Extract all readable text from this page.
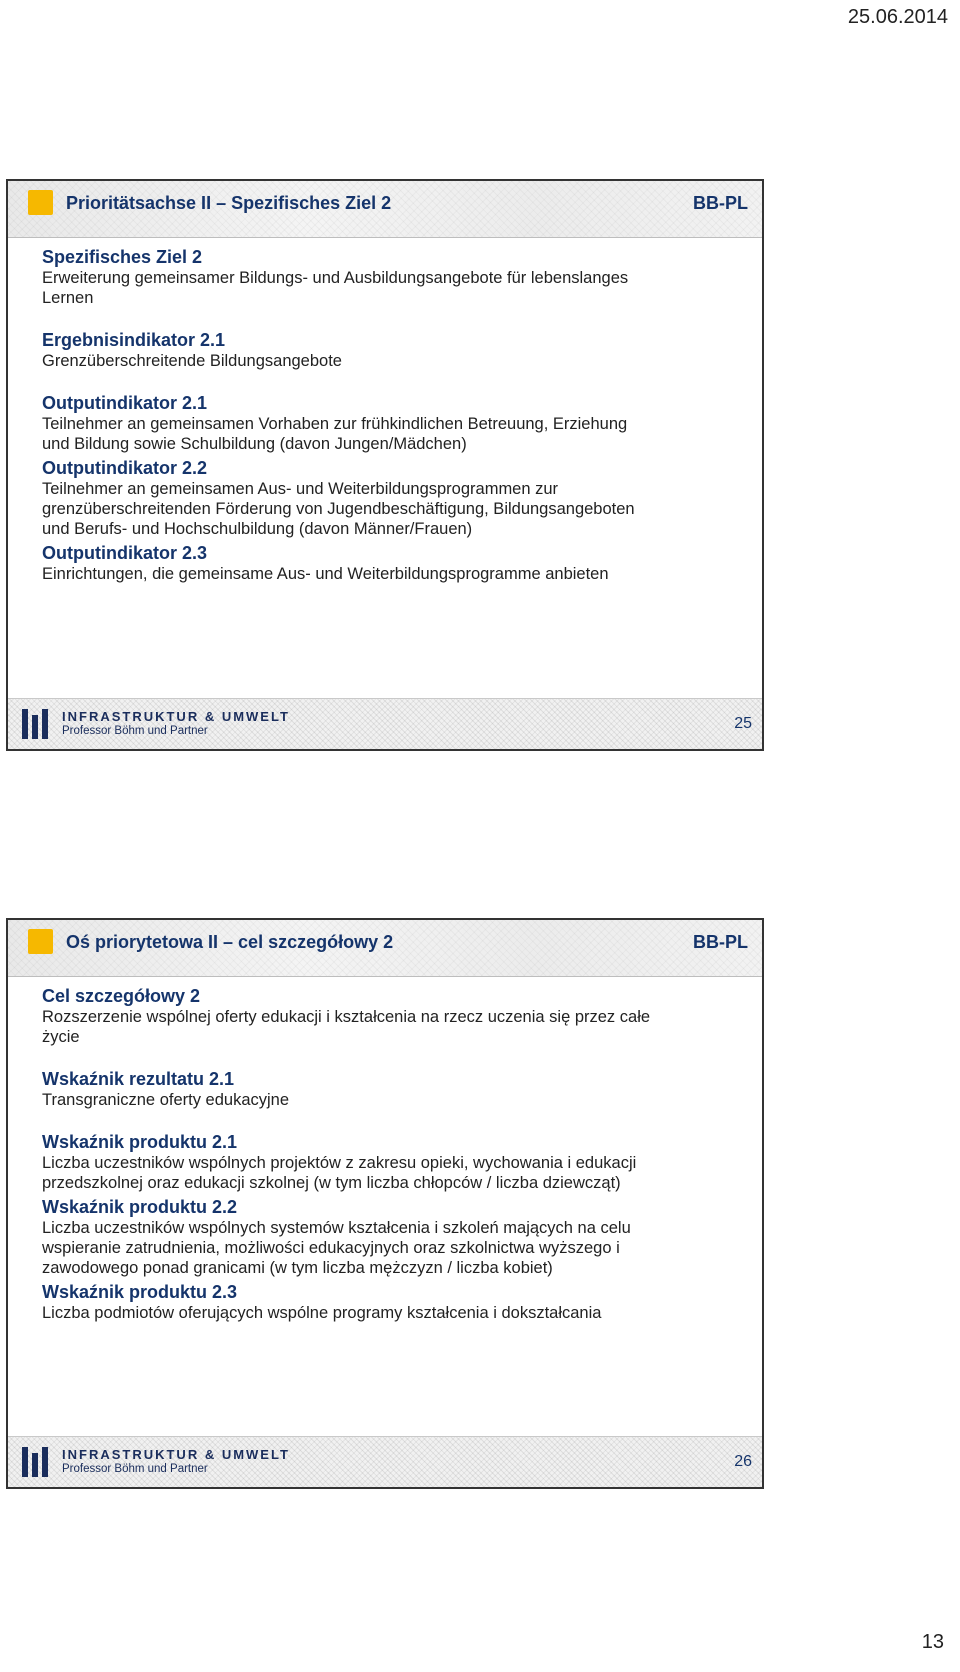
25.06.2014
Prioritätsachse II – Spezifisches Ziel 2	BB-PL

Spezifisches Ziel 2

Erweiterung gemeinsamer Bildungs- und Ausbildungsangebote für lebenslanges

Lernen

Ergebnisindikator 2.1

Grenzüberschreitende Bildungsangebote

Outputindikator 2.1

Teilnehmer an gemeinsamen Vorhaben zur frühkindlichen Betreuung, Erziehung

und Bildung sowie Schulbildung (davon Jungen/Mädchen)

Outputindikator 2.2

Teilnehmer an gemeinsamen Aus- und Weiterbildungsprogrammen zur

grenzüberschreitenden Förderung von Jugendbeschäftigung, Bildungsangeboten

und Berufs- und Hochschulbildung (davon Männer/Frauen)

Outputindikator 2.3

Einrichtungen, die gemeinsame Aus- und Weiterbildungsprogramme anbieten

INFRASTRUKTUR & UMWELT
Professor Böhm und Partner	25
Oś priorytetowa II – cel szczegółowy 2	BB-PL

Cel szczegółowy 2

Rozszerzenie wspólnej oferty edukacji i kształcenia na rzecz uczenia się przez całe

życie

Wskaźnik rezultatu 2.1

Transgraniczne oferty edukacyjne

Wskaźnik produktu 2.1

Liczba uczestników wspólnych projektów z zakresu opieki, wychowania i edukacji

przedszkolnej oraz edukacji szkolnej (w tym liczba chłopców / liczba dziewcząt)

Wskaźnik produktu 2.2

Liczba uczestników wspólnych systemów kształcenia i szkoleń mających na celu

wspieranie zatrudnienia, możliwości edukacyjnych oraz szkolnictwa wyższego i

zawodowego ponad granicami (w tym liczba mężczyzn / liczba kobiet)

Wskaźnik produktu 2.3

Liczba podmiotów oferujących wspólne programy kształcenia i dokształcania

INFRASTRUKTUR & UMWELT
Professor Böhm und Partner	26
13
